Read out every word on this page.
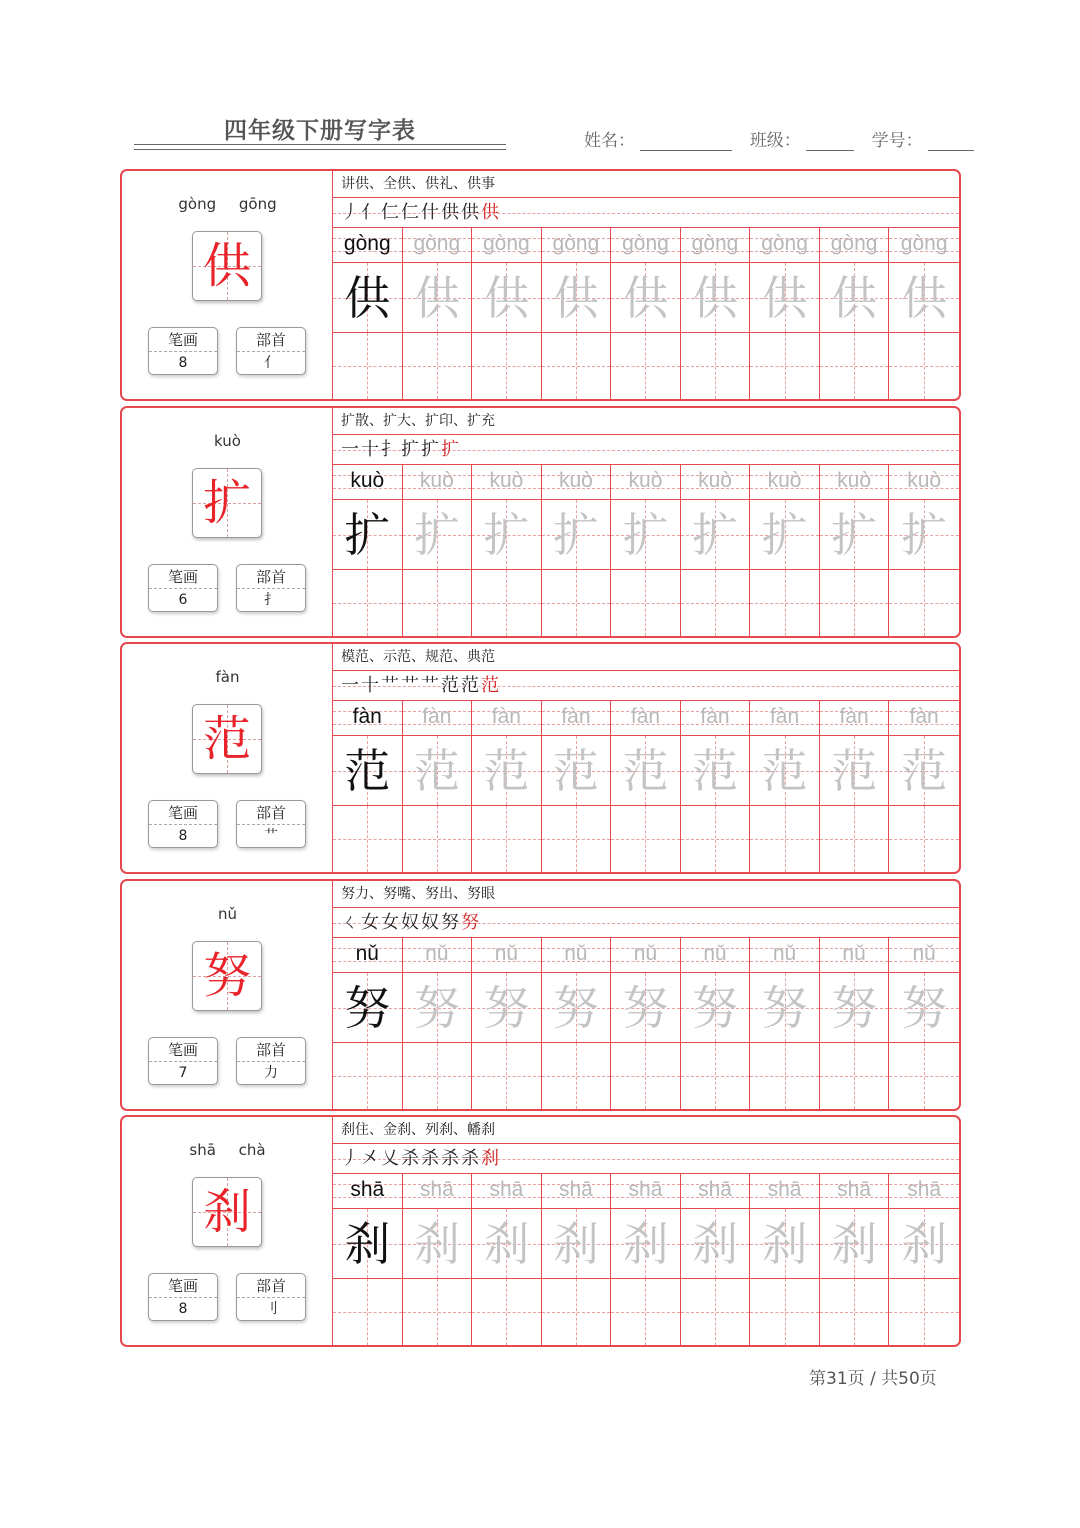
四年级下册写字表	姓名：	班级：	学号：
gòng gōng
供
笔画
8
部首
亻
讲供、全供、供礼、供事
丿亻仁仁什供供供
gòng	gòng	gòng	gòng	gòng	gòng	gòng	gòng	gòng
供 供 供 供 供 供 供 供 供
kuò
扩
笔画
6
部首
扌
扩散、扩大、扩印、扩充
一十扌扩扩扩
kuò	kuò	kuò	kuò	kuò	kuò	kuò	kuò	kuò
扩 扩 扩 扩 扩 扩 扩 扩 扩
fàn
范
笔画
8
部首
艹
模范、示范、规范、典范
一十艹艹艹范范范
fàn	fàn	fàn	fàn	fàn	fàn	fàn	fàn	fàn
范 范 范 范 范 范 范 范 范
nǔ
努
笔画
7
部首
力
努力、努嘴、努出、努眼
ㄑ女女奴奴努努
nǔ	nǔ	nǔ	nǔ	nǔ	nǔ	nǔ	nǔ	nǔ
努 努 努 努 努 努 努 努 努
shā chà
刹
笔画
8
部首
刂
刹住、金刹、列刹、幡刹
丿㐅乂杀杀杀杀刹
shā	shā	shā	shā	shā	shā	shā	shā	shā
刹 刹 刹 刹 刹 刹 刹 刹 刹
第31页 / 共50页
